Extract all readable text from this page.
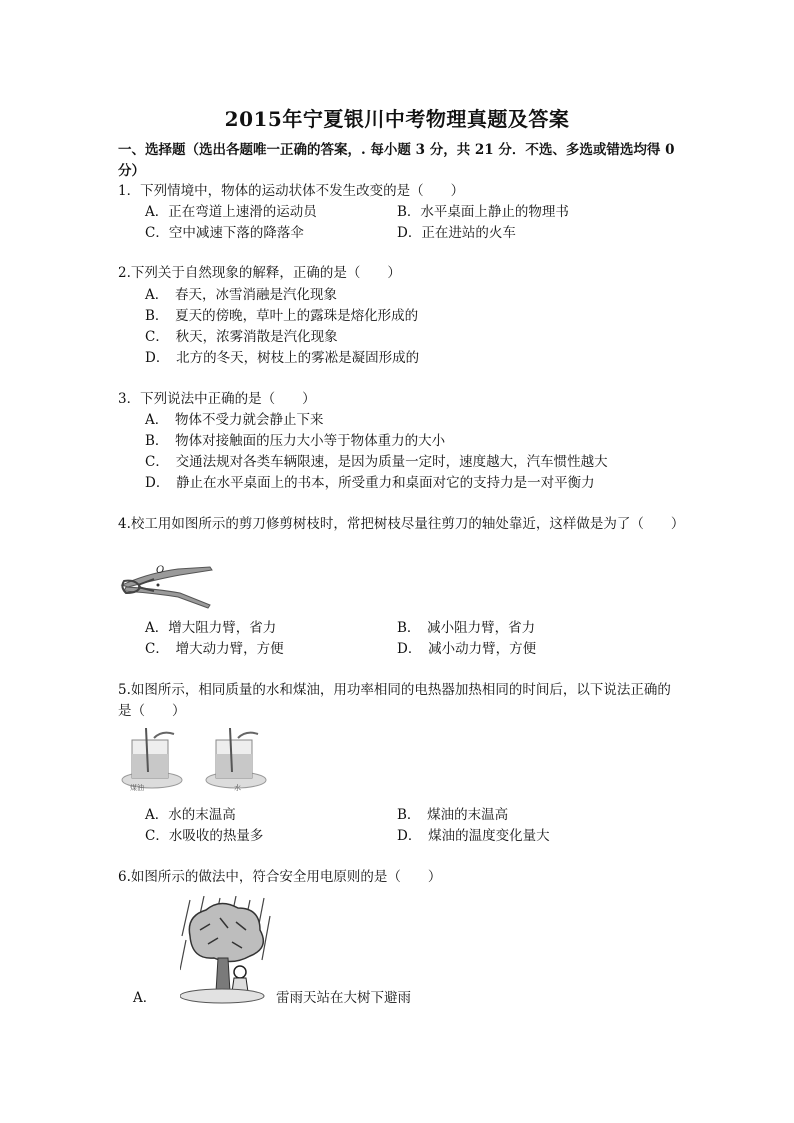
2015年宁夏银川中考物理真题及答案
一、选择题（选出各题唯一正确的答案，. 每小题 3 分，共 21 分．不选、多选或错选均得 0分）
1．下列情境中，物体的运动状体不发生改变的是（　　）
A．正在弯道上速滑的运动员	B．水平桌面上静止的物理书
C．空中减速下落的降落伞	D．正在进站的火车
2.下列关于自然现象的解释，正确的是（　　）
A．　春天，冰雪消融是汽化现象
B．　夏天的傍晚，草叶上的露珠是熔化形成的
C．　秋天，浓雾消散是汽化现象
D．　北方的冬天，树枝上的雾凇是凝固形成的
3．下列说法中正确的是（　　）
A．　物体不受力就会静止下来
B．　物体对接触面的压力大小等于物体重力的大小
C．　交通法规对各类车辆限速，是因为质量一定时，速度越大，汽车惯性越大
D．　静止在水平桌面上的书本，所受重力和桌面对它的支持力是一对平衡力
4.校工用如图所示的剪刀修剪树枝时，常把树枝尽量往剪刀的轴处靠近，这样做是为了（　　）
O
A．增大阻力臂，省力	B．　减小阻力臂，省力
C．　增大动力臂，方便	D．　减小动力臂，方便
5.如图所示，相同质量的水和煤油，用功率相同的电热器加热相同的时间后，以下说法正确的是（　　）
煤油	水
A．水的末温高	B．　煤油的末温高
C．水吸收的热量多	D．　煤油的温度变化量大
6.如图所示的做法中，符合安全用电原则的是（　　）
A．	雷雨天站在大树下避雨
